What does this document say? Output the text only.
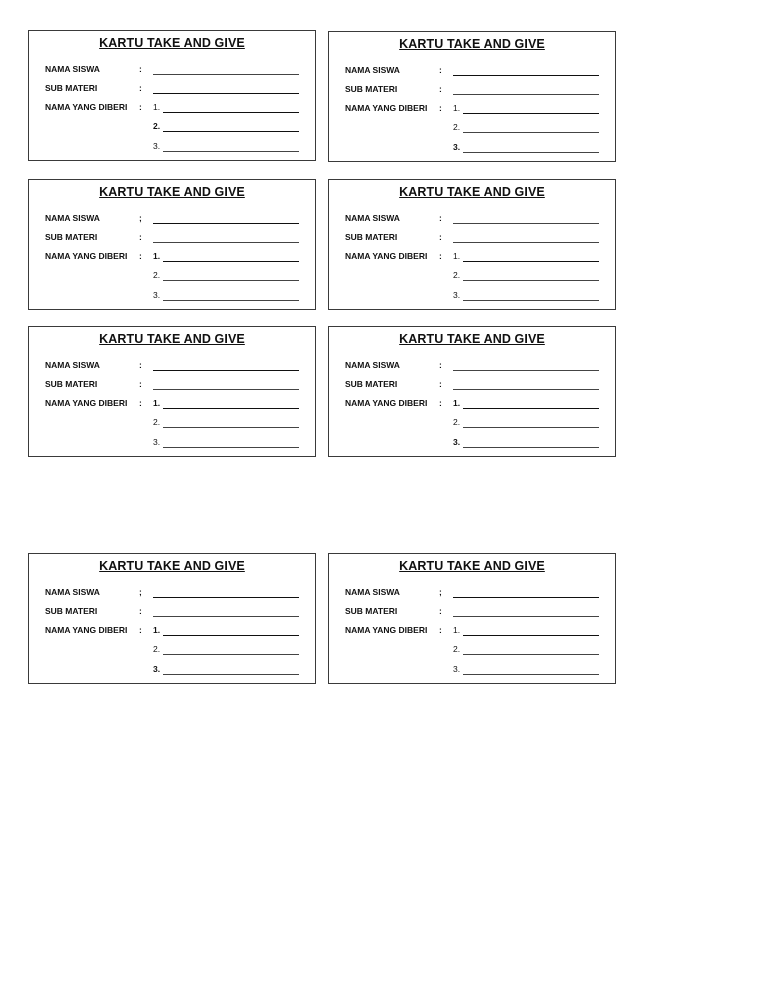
KARTU TAKE AND GIVE
NAMA SISWA	:
SUB MATERI	:
NAMA YANG DIBERI : 1.
2.
3.
KARTU TAKE AND GIVE
NAMA SISWA	:
SUB MATERI	:
NAMA YANG DIBERI : 1.
2.
3.
KARTU TAKE AND GIVE
NAMA SISWA	;
SUB MATERI	:
NAMA YANG DIBERI : 1.
2.
3.
KARTU TAKE AND GIVE
NAMA SISWA	:
SUB MATERI	:
NAMA YANG DIBERI : 1.
2.
3.
KARTU TAKE AND GIVE
NAMA SISWA	:
SUB MATERI	:
NAMA YANG DIBERI : 1.
2.
3.
KARTU TAKE AND GIVE
NAMA SISWA	:
SUB MATERI	:
NAMA YANG DIBERI : 1.
2.
3.
KARTU TAKE AND GIVE
NAMA SISWA	;
SUB MATERI	:
NAMA YANG DIBERI : 1.
2.
3.
KARTU TAKE AND GIVE
NAMA SISWA	;
SUB MATERI	:
NAMA YANG DIBERI : 1.
2.
3.
